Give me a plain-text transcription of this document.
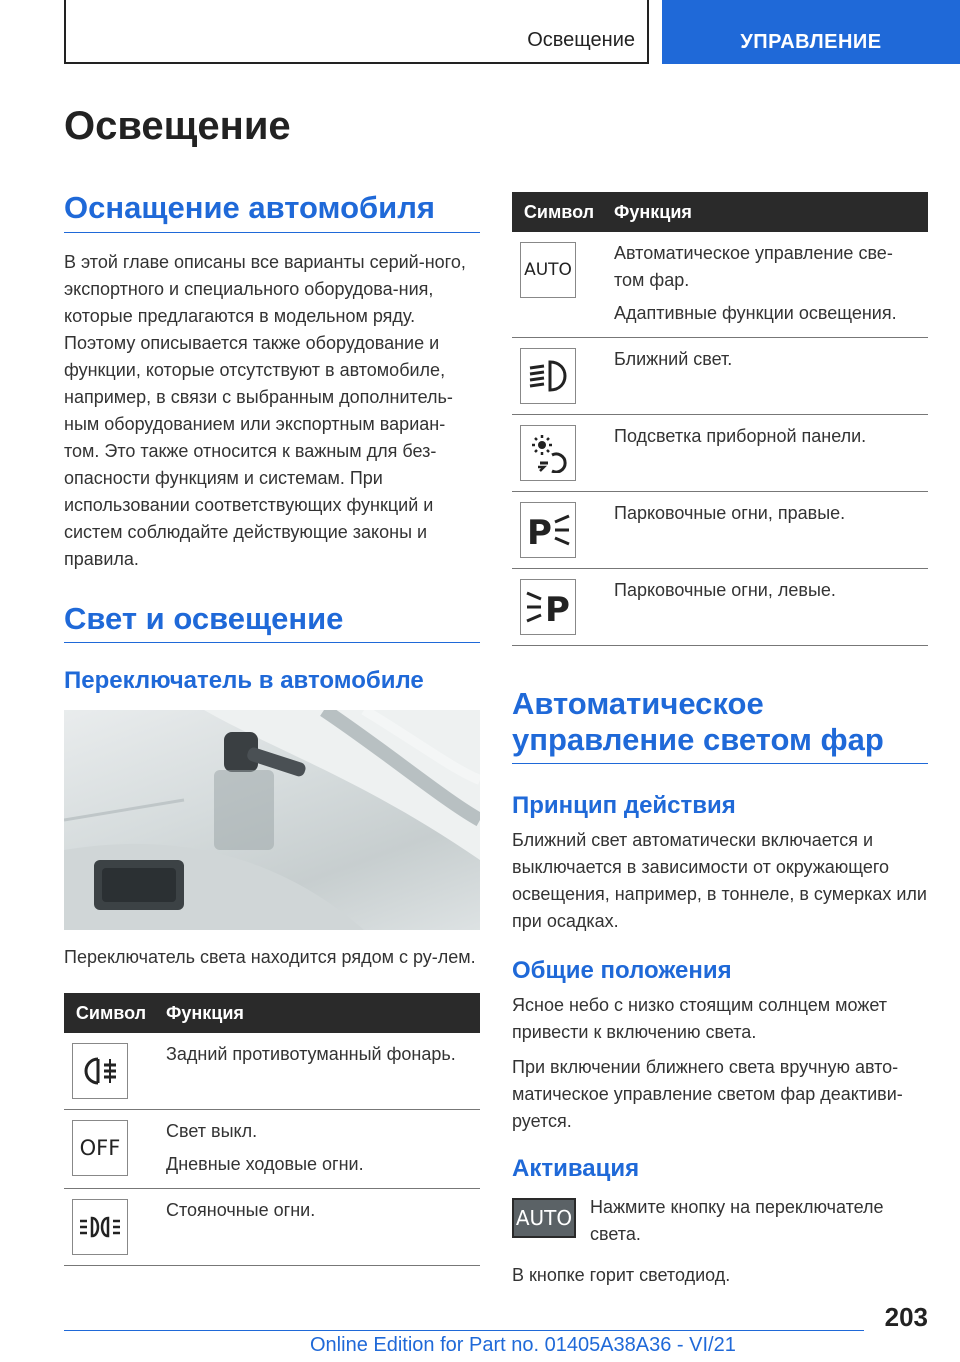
Освещение	УПРАВЛЕНИЕ
Освещение
Оснащение автомобиля

В этой главе описаны все варианты серий-ного, экспортного и специального оборудова-ния, которые предлагаются в модельном ряду. Поэтому описывается также оборудование и функции, которые отсутствуют в автомобиле, например, в связи с выбранным дополнитель-ным оборудованием или экспортным вариан-том. Это также относится к важным для без-опасности функциям и системам. При использовании соответствующих функций и систем соблюдайте действующие законы и правила.

Свет и освещение
Переключатель в автомобиле

Переключатель света находится рядом с ру-лем.

Символ	Функция

Задний противотуманный фонарь.

OFF	Свет выкл.
Дневные ходовые огни.

Стояночные огни.
Символ	Функция

AUTO	Автоматическое управление све-том фар.
Адаптивные функции освещения.

Ближний свет.

Подсветка приборной панели.

P	Парковочные огни, правые.

P	Парковочные огни, левые.
Автоматическое управление светом фар
Принцип действия

Ближний свет автоматически включается и выключается в зависимости от окружающего освещения, например, в тоннеле, в сумерках или при осадках.

Общие положения

Ясное небо с низко стоящим солнцем может привести к включению света.

При включении ближнего света вручную авто-матическое управление светом фар деактиви-руется.

Активация
AUTO Нажмите кнопку на переключателе света.

В кнопке горит светодиод.

203
Online Edition for Part no. 01405A38A36 - VI/21
